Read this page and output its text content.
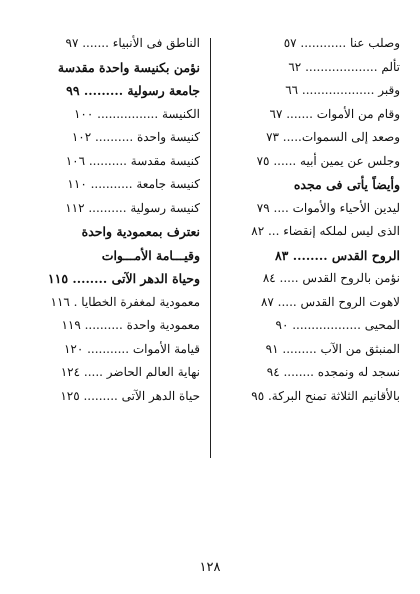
وصلب عنا ............ ٥٧
تألم ................... ٦٢
وقبر ................... ٦٦
وقام من الأموات ....... ٦٧
وصعد إلى السموات..... ٧٣
وجلس عن يمين أبيه ...... ٧٥
وأيضاً يأتى فى مجده
ليدين الأحياء والأموات .... ٧٩
الذى ليس لملكه إنقضاء ... ٨٢
الروح القدس ........ ٨٣
نؤمن بالروح القدس ..... ٨٤
لاهوت الروح القدس ..... ٨٧
المحيى .................. ٩٠
المنبثق من الآب ......... ٩١
نسجد له ونمجده ........ ٩٤
بالأقانيم الثلاثة تمنح البركة. ٩٥
الناطق فى الأنبياء ....... ٩٧
نؤمن بكنيسة واحدة مقدسة
جامعة رسولية ......... ٩٩
الكنيسة ................ ١٠٠
كنيسة واحدة .......... ١٠٢
كنيسة مقدسة .......... ١٠٦
كنيسة جامعة ........... ١١٠
كنيسة رسولية .......... ١١٢
نعترف بمعمودية واحدة
وقيـــامة الأمـــوات
وحياة الدهر الآتى ........ ١١٥
معمودية لمغفرة الخطايا . ١١٦
معمودية واحدة .......... ١١٩
قيامة الأموات ........... ١٢٠
نهاية العالم الحاضر ..... ١٢٤
حياة الدهر الآتى ......... ١٢٥
١٢٨
